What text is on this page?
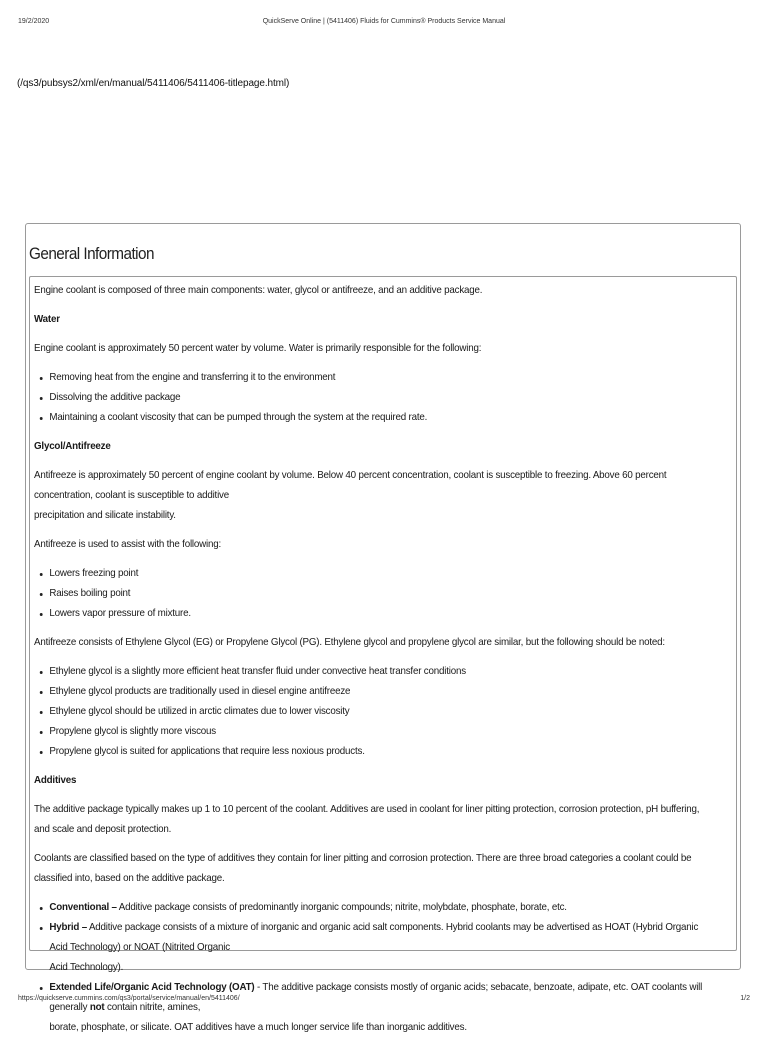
19/2/2020	QuickServe Online | (5411406) Fluids for Cummins® Products Service Manual
(/qs3/pubsys2/xml/en/manual/5411406/5411406-titlepage.html)
General Information

Engine coolant is composed of three main components: water, glycol or antifreeze, and an additive package.

Water

Engine coolant is approximately 50 percent water by volume. Water is primarily responsible for the following:

Removing heat from the engine and transferring it to the environment
Dissolving the additive package
Maintaining a coolant viscosity that can be pumped through the system at the required rate.

Glycol/Antifreeze

Antifreeze is approximately 50 percent of engine coolant by volume. Below 40 percent concentration, coolant is susceptible to freezing. Above 60 percent concentration, coolant is susceptible to additive

precipitation and silicate instability.

Antifreeze is used to assist with the following:

Lowers freezing point
Raises boiling point
Lowers vapor pressure of mixture.

Antifreeze consists of Ethylene Glycol (EG) or Propylene Glycol (PG). Ethylene glycol and propylene glycol are similar, but the following should be noted:

Ethylene glycol is a slightly more efficient heat transfer fluid under convective heat transfer conditions
Ethylene glycol products are traditionally used in diesel engine antifreeze
Ethylene glycol should be utilized in arctic climates due to lower viscosity
Propylene glycol is slightly more viscous
Propylene glycol is suited for applications that require less noxious products.

Additives

The additive package typically makes up 1 to 10 percent of the coolant. Additives are used in coolant for liner pitting protection, corrosion protection, pH buffering, and scale and deposit protection.

Coolants are classified based on the type of additives they contain for liner pitting and corrosion protection. There are three broad categories a coolant could be classified into, based on the additive package.

Conventional – Additive package consists of predominantly inorganic compounds; nitrite, molybdate, phosphate, borate, etc.
Hybrid – Additive package consists of a mixture of inorganic and organic acid salt components. Hybrid coolants may be advertised as HOAT (Hybrid Organic Acid Technology) or NOAT (Nitrited Organic
Acid Technology).
Extended Life/Organic Acid Technology (OAT) - The additive package consists mostly of organic acids; sebacate, benzoate, adipate, etc. OAT coolants will generally not contain nitrite, amines,
borate, phosphate, or silicate. OAT additives have a much longer service life than inorganic additives.
https://quickserve.cummins.com/qs3/portal/service/manual/en/5411406/	1/2
